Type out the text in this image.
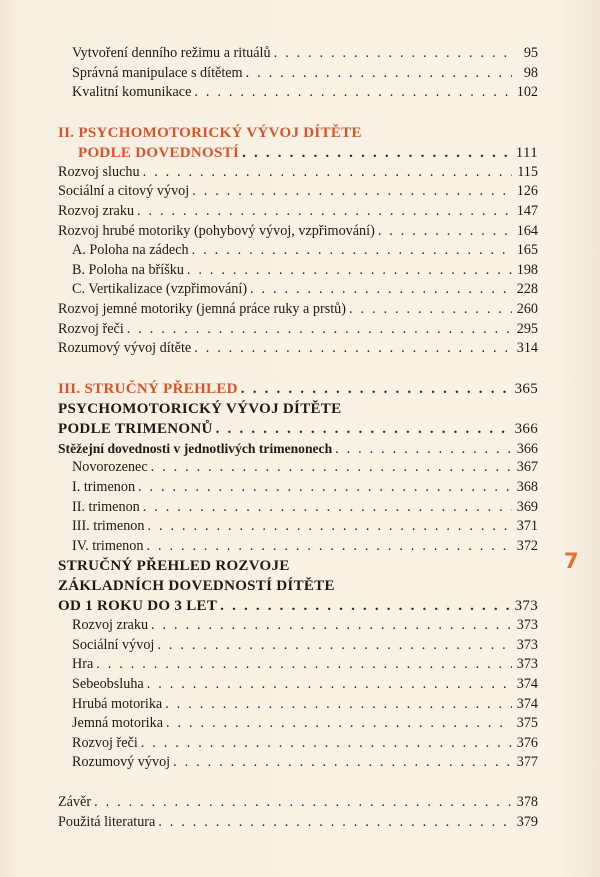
Vytvoření denního režimu a rituálů . . .	95
Správná manipulace s dítětem . . .	98
Kvalitní komunikace . . .	102
II. PSYCHOMOTORICKÝ VÝVOJ DÍTĚTE
PODLE DOVEDNOSTÍ . . .	111
Rozvoj sluchu . . .	115
Sociální a citový vývoj . . .	126
Rozvoj zraku . . .	147
Rozvoj hrubé motoriky (pohybový vývoj, vzpřimování) . . .	164
A. Poloha na zádech . . .	165
B. Poloha na bříšku . . .	198
C. Vertikalizace (vzpřimování) . . .	228
Rozvoj jemné motoriky (jemná práce ruky a prstů) . . .	260
Rozvoj řeči . . .	295
Rozumový vývoj dítěte . . .	314
III. STRUČNÝ PŘEHLED . . .	365
PSYCHOMOTORICKÝ VÝVOJ DÍTĚTE
PODLE TRIMENONŮ . . .	366
Stěžejní dovednosti v jednotlivých trimenonech . . .	366
Novorozenec . . .	367
I. trimenon . . .	368
II. trimenon . . .	369
III. trimenon . . .	371
IV. trimenon . . .	372
STRUČNÝ PŘEHLED ROZVOJE
ZÁKLADNÍCH DOVEDNOSTÍ DÍTĚTE
OD 1 ROKU DO 3 LET . . .	373
Rozvoj zraku . . .	373
Sociální vývoj . . .	373
Hra . . .	373
Sebeobsluha . . .	374
Hrubá motorika . . .	374
Jemná motorika . . .	375
Rozvoj řeči . . .	376
Rozumový vývoj . . .	377
Závěr . . .	378
Použitá literatura . . .	379
7
